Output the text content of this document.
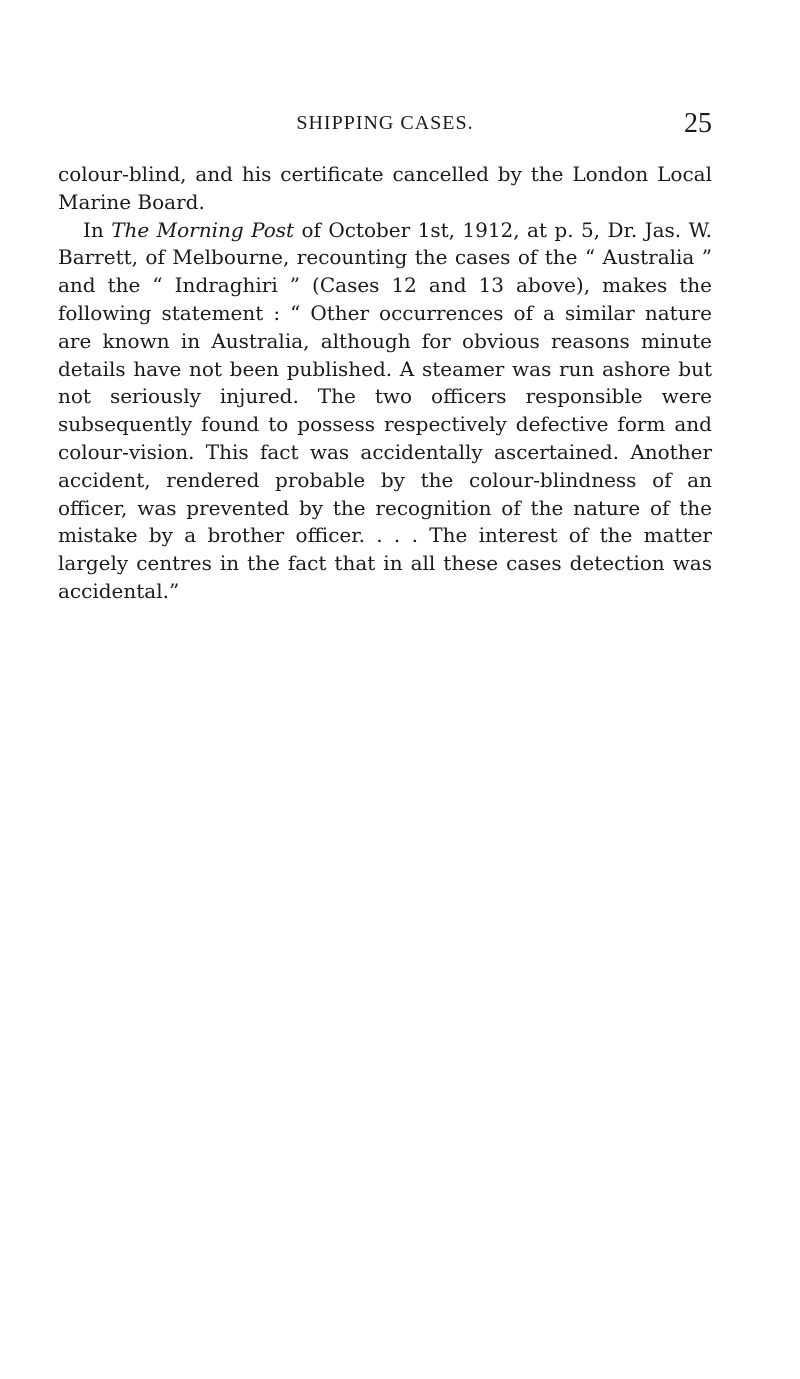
SHIPPING CASES.	25

colour-blind, and his certificate cancelled by the London Local Marine Board.

In The Morning Post of October 1st, 1912, at p. 5, Dr. Jas. W. Barrett, of Melbourne, recounting the cases of the “ Australia ” and the “ Indraghiri ” (Cases 12 and 13 above), makes the following statement : “ Other occurrences of a similar nature are known in Australia, although for obvious reasons minute details have not been published. A steamer was run ashore but not seriously injured. The two officers responsible were subsequently found to possess respectively defective form and colour-vision. This fact was accidentally ascertained. Another accident, rendered probable by the colour-blindness of an officer, was prevented by the recognition of the nature of the mistake by a brother officer. . . . The interest of the matter largely centres in the fact that in all these cases detection was accidental.”
